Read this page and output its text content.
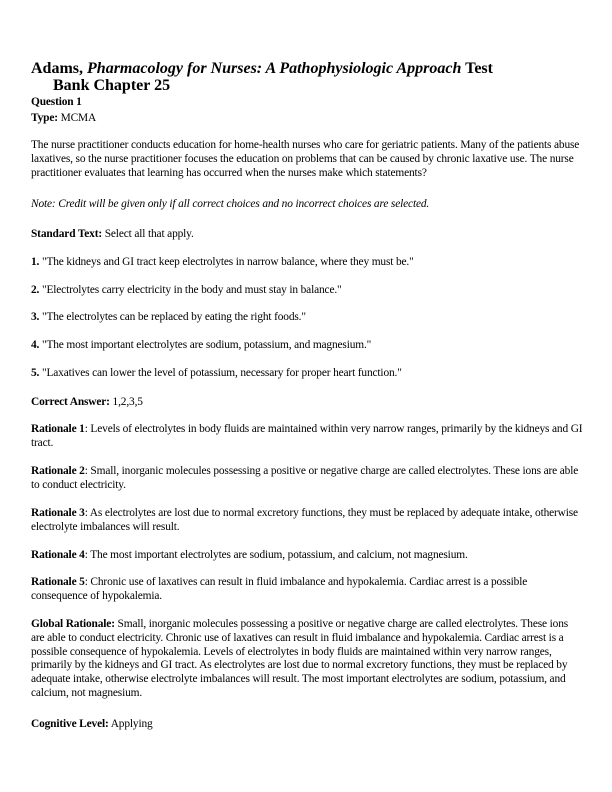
Adams, Pharmacology for Nurses: A Pathophysiologic Approach Test
Bank Chapter 25
Question 1
Type: MCMA
The nurse practitioner conducts education for home-health nurses who care for geriatric patients. Many of the patients abuse laxatives, so the nurse practitioner focuses the education on problems that can be caused by chronic laxative use. The nurse practitioner evaluates that learning has occurred when the nurses make which statements?
Note: Credit will be given only if all correct choices and no incorrect choices are selected.
Standard Text: Select all that apply.
1. "The kidneys and GI tract keep electrolytes in narrow balance, where they must be."
2. "Electrolytes carry electricity in the body and must stay in balance."
3. "The electrolytes can be replaced by eating the right foods."
4. "The most important electrolytes are sodium, potassium, and magnesium."
5. "Laxatives can lower the level of potassium, necessary for proper heart function."
Correct Answer: 1,2,3,5
Rationale 1: Levels of electrolytes in body fluids are maintained within very narrow ranges, primarily by the kidneys and GI tract.
Rationale 2: Small, inorganic molecules possessing a positive or negative charge are called electrolytes. These ions are able to conduct electricity.
Rationale 3: As electrolytes are lost due to normal excretory functions, they must be replaced by adequate intake, otherwise electrolyte imbalances will result.
Rationale 4: The most important electrolytes are sodium, potassium, and calcium, not magnesium.
Rationale 5: Chronic use of laxatives can result in fluid imbalance and hypokalemia. Cardiac arrest is a possible consequence of hypokalemia.
Global Rationale: Small, inorganic molecules possessing a positive or negative charge are called electrolytes. These ions are able to conduct electricity. Chronic use of laxatives can result in fluid imbalance and hypokalemia. Cardiac arrest is a possible consequence of hypokalemia. Levels of electrolytes in body fluids are maintained within very narrow ranges, primarily by the kidneys and GI tract. As electrolytes are lost due to normal excretory functions, they must be replaced by adequate intake, otherwise electrolyte imbalances will result. The most important electrolytes are sodium, potassium, and calcium, not magnesium.
Cognitive Level: Applying
